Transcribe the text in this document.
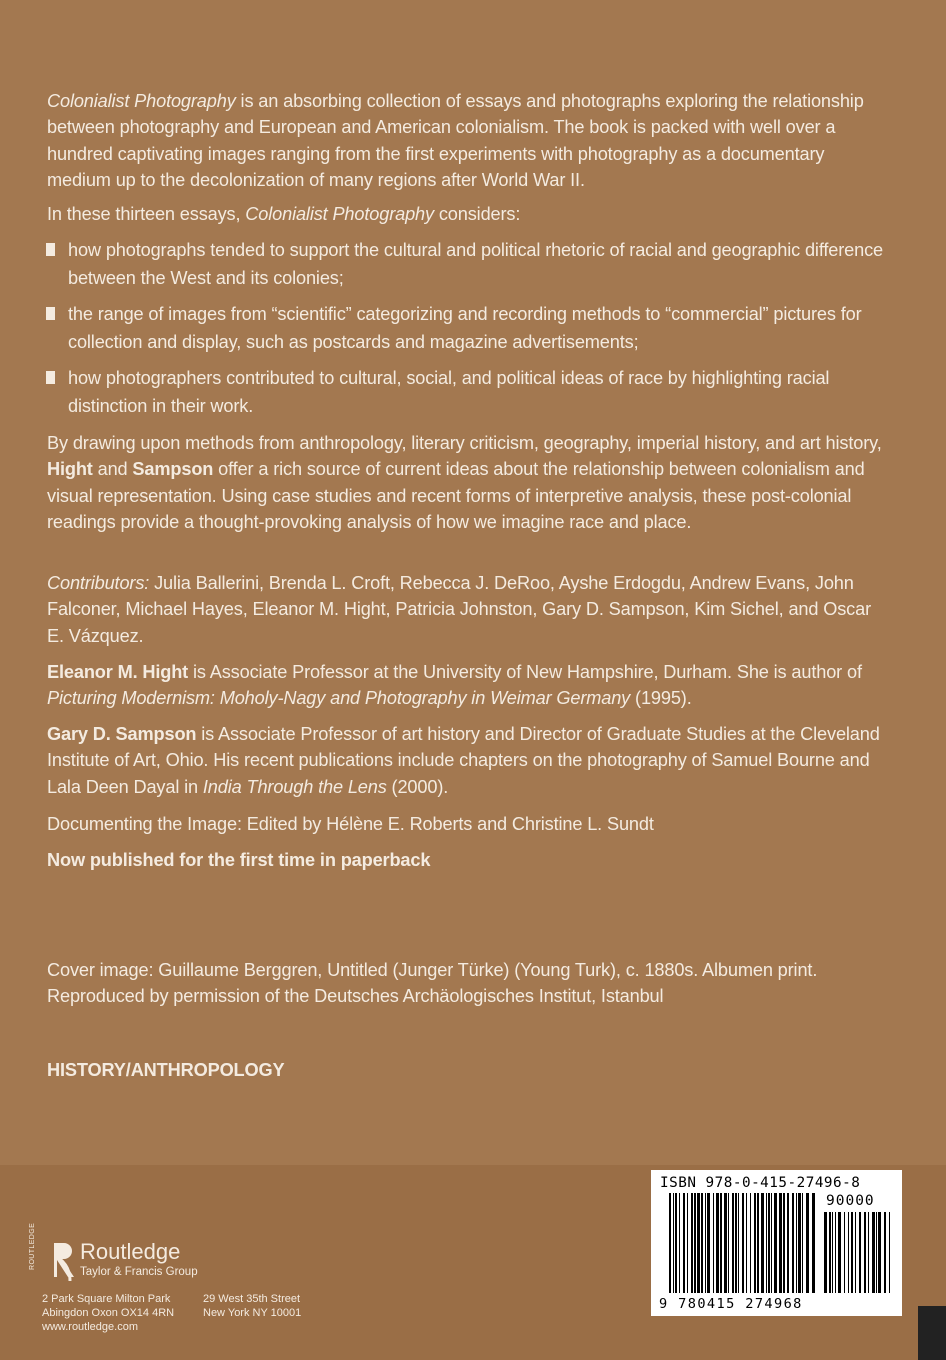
Colonialist Photography is an absorbing collection of essays and photographs exploring the relationship between photography and European and American colonialism. The book is packed with well over a hundred captivating images ranging from the first experiments with photography as a documentary medium up to the decolonization of many regions after World War II.

In these thirteen essays, Colonialist Photography considers:

how photographs tended to support the cultural and political rhetoric of racial and geographic difference between the West and its colonies;
the range of images from “scientific” categorizing and recording methods to “commercial” pictures for collection and display, such as postcards and magazine advertisements;
how photographers contributed to cultural, social, and political ideas of race by highlighting racial distinction in their work.

By drawing upon methods from anthropology, literary criticism, geography, imperial history, and art history, Hight and Sampson offer a rich source of current ideas about the relationship between colonialism and visual representation. Using case studies and recent forms of interpretive analysis, these post-colonial readings provide a thought-provoking analysis of how we imagine race and place.

Contributors: Julia Ballerini, Brenda L. Croft, Rebecca J. DeRoo, Ayshe Erdogdu, Andrew Evans, John Falconer, Michael Hayes, Eleanor M. Hight, Patricia Johnston, Gary D. Sampson, Kim Sichel, and Oscar E. Vázquez.

Eleanor M. Hight is Associate Professor at the University of New Hampshire, Durham. She is author of Picturing Modernism: Moholy-Nagy and Photography in Weimar Germany (1995).

Gary D. Sampson is Associate Professor of art history and Director of Graduate Studies at the Cleveland Institute of Art, Ohio. His recent publications include chapters on the photography of Samuel Bourne and Lala Deen Dayal in India Through the Lens (2000).

Documenting the Image: Edited by Hélène E. Roberts and Christine L. Sundt
Now published for the first time in paperback

Cover image: Guillaume Berggren, Untitled (Junger Türke) (Young Turk), c. 1880s. Albumen print.

Reproduced by permission of the Deutsches Archäologisches Institut, Istanbul

HISTORY/ANTHROPOLOGY
ROUTLEDGE Routledge
Taylor & Francis Group
2 Park Square Milton Park
Abingdon Oxon OX14 4RN
www.routledge.com
29 West 35th Street
New York NY 10001
ISBN 978-0-415-27496-8
90000
9 780415 274968
